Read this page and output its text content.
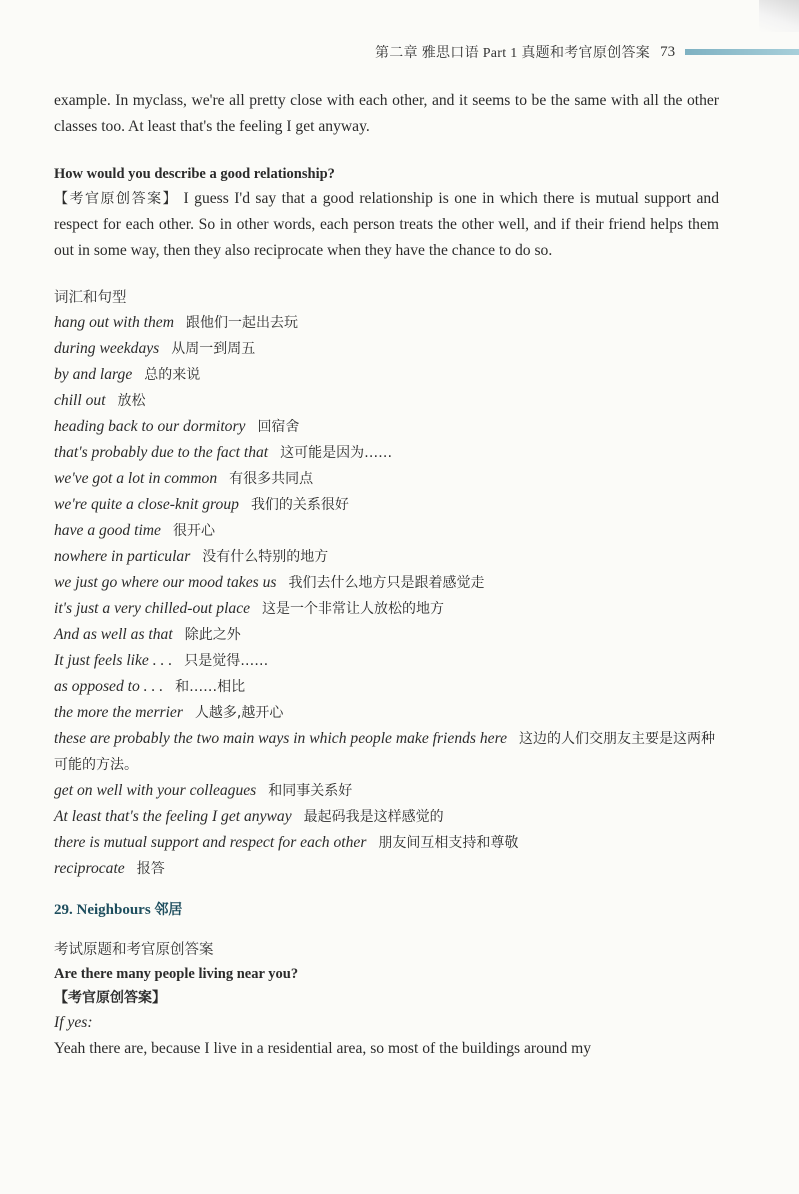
第二章 雅思口语 Part 1 真题和考官原创答案 73

example. In myclass, we're all pretty close with each other, and it seems to be the same with all the other classes too. At least that's the feeling I get anyway.

How would you describe a good relationship?

【考官原创答案】 I guess I'd say that a good relationship is one in which there is mutual support and respect for each other. So in other words, each person treats the other well, and if their friend helps them out in some way, then they also reciprocate when they have the chance to do so.

词汇和句型

hang out with them 跟他们一起出去玩
during weekdays 从周一到周五
by and large 总的来说
chill out 放松
heading back to our dormitory 回宿舍
that's probably due to the fact that 这可能是因为……
we've got a lot in common 有很多共同点
we're quite a close-knit group 我们的关系很好
have a good time 很开心
nowhere in particular 没有什么特别的地方
we just go where our mood takes us 我们去什么地方只是跟着感觉走
it's just a very chilled-out place 这是一个非常让人放松的地方
And as well as that 除此之外
It just feels like . . . 只是觉得……
as opposed to . . . 和……相比
the more the merrier 人越多,越开心
these are probably the two main ways in which people make friends here 这边的人们交朋友主要是这两种可能的方法。
get on well with your colleagues 和同事关系好
At least that's the feeling I get anyway 最起码我是这样感觉的
there is mutual support and respect for each other 朋友间互相支持和尊敬
reciprocate 报答

29. Neighbours 邻居

考试原题和考官原创答案

Are there many people living near you?

【考官原创答案】

If yes:

Yeah there are, because I live in a residential area, so most of the buildings around my
